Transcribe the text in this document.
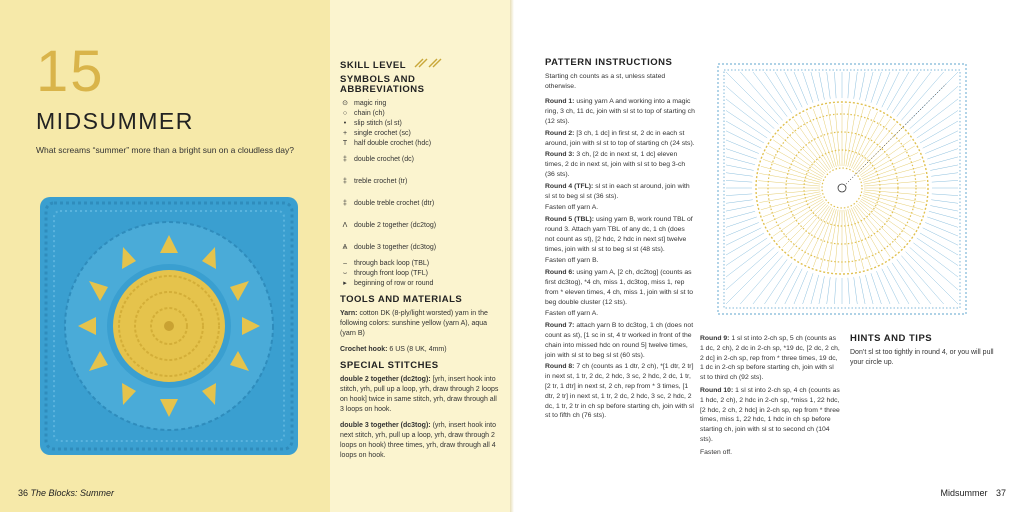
15
MIDSUMMER
What screams “summer” more than a bright sun on a cloudless day?
36 The Blocks: Summer
SKILL LEVEL
SYMBOLS AND ABBREVIATIONS
⊙ magic ring
○ chain (ch)
•	slip stitch (sl st)
+ single crochet (sc)
T half double crochet (hdc)
‡	double crochet (dc)
‡	treble crochet (tr)
‡	double treble crochet (dtr)
Λ double 2 together (dc2tog)
Ѧ double 3 together (dc3tog)
⌢ through back loop (TBL)
⌣ through front loop (TFL)
▸	beginning of row or round
TOOLS AND MATERIALS

Yarn: cotton DK (8-ply/light worsted) yarn in the following colors: sunshine yellow (yarn A), aqua (yarn B)

Crochet hook: 6 US (8 UK, 4mm)

SPECIAL STITCHES

double 2 together (dc2tog): [yrh, insert hook into stitch, yrh, pull up a loop, yrh, draw through 2 loops on hook] twice in same stitch, yrh, draw through all 3 loops on hook.

double 3 together (dc3tog): (yrh, insert hook into next stitch, yrh, pull up a loop, yrh, draw through 2 loops on hook) three times, yrh, draw through all 4 loops on hook.

PATTERN INSTRUCTIONS

Starting ch counts as a st, unless stated otherwise.

Round 1: using yarn A and working into a magic ring, 3 ch, 11 dc, join with sl st to top of starting ch (12 sts).

Round 2: [3 ch, 1 dc] in first st, 2 dc in each st around, join with sl st to top of starting ch (24 sts).

Round 3: 3 ch, [2 dc in next st, 1 dc] eleven times, 2 dc in next st, join with sl st to beg 3-ch (36 sts).

Round 4 (TFL): sl st in each st around, join with sl st to beg sl st (36 sts).

Fasten off yarn A.

Round 5 (TBL): using yarn B, work round TBL of round 3. Attach yarn TBL of any dc, 1 ch (does not count as st), [2 hdc, 2 hdc in next st] twelve times, join with sl st to beg sl st (48 sts).

Fasten off yarn B.

Round 6: using yarn A, [2 ch, dc2tog] (counts as first dc3tog), *4 ch, miss 1, dc3tog, miss 1, rep from * eleven times, 4 ch, miss 1, join with sl st to beg double cluster (12 sts).

Fasten off yarn A.

Round 7: attach yarn B to dc3tog, 1 ch (does not count as st), [1 sc in st, 4 tr worked in front of the chain into missed hdc on round 5] twelve times, join with sl st to beg sl st (60 sts).

Round 8: 7 ch (counts as 1 dtr, 2 ch), *[1 dtr, 2 tr] in next st, 1 tr, 2 dc, 2 hdc, 3 sc, 2 hdc, 2 dc, 1 tr, [2 tr, 1 dtr] in next st, 2 ch, rep from * 3 times, [1 dtr, 2 tr] in next st, 1 tr, 2 dc, 2 hdc, 3 sc, 2 hdc, 2 dc, 1 tr, 2 tr in ch sp before starting ch, join with sl st to fifth ch (76 sts).

Round 9: 1 sl st into 2-ch sp, 5 ch (counts as 1 dc, 2 ch), 2 dc in 2-ch sp, *19 dc, [2 dc, 2 ch, 2 dc] in 2-ch sp, rep from * three times, 19 dc, 1 dc in 2-ch sp before starting ch, join with sl st to third ch (92 sts).

Round 10: 1 sl st into 2-ch sp, 4 ch (counts as 1 hdc, 2 ch), 2 hdc in 2-ch sp, *miss 1, 22 hdc, [2 hdc, 2 ch, 2 hdc] in 2-ch sp, rep from * three times, miss 1, 22 hdc, 1 hdc in ch sp before starting ch, join with sl st to second ch (104 sts).

Fasten off.

HINTS AND TIPS

Don’t sl st too tightly in round 4, or you will pull your circle up.

Midsummer 37
